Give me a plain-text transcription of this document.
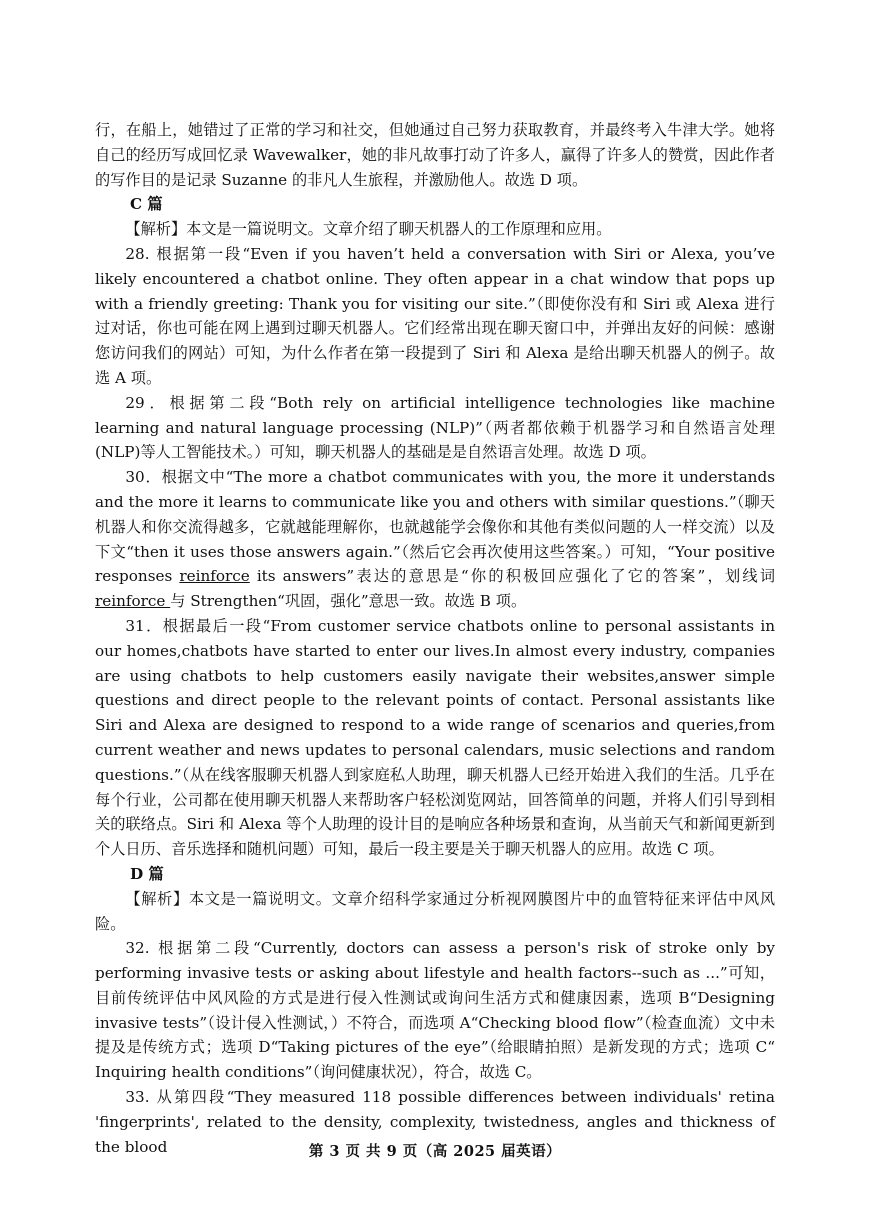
行，在船上，她错过了正常的学习和社交，但她通过自己努力获取教育，并最终考入牛津大学。她将自己的经历写成回忆录 Wavewalker，她的非凡故事打动了许多人，赢得了许多人的赞赏，因此作者的写作目的是记录 Suzanne 的非凡人生旅程，并激励他人。故选 D 项。

C 篇

【解析】本文是一篇说明文。文章介绍了聊天机器人的工作原理和应用。

28. 根据第一段“Even if you haven’t held a conversation with Siri or Alexa, you’ve likely encountered a chatbot online. They often appear in a chat window that pops up with a friendly greeting: Thank you for visiting our site.”（即使你没有和 Siri 或 Alexa 进行过对话，你也可能在网上遇到过聊天机器人。它们经常出现在聊天窗口中，并弹出友好的问候：感谢您访问我们的网站）可知，为什么作者在第一段提到了 Siri 和 Alexa 是给出聊天机器人的例子。故选 A 项。

29．根据第二段“Both rely on artificial intelligence technologies like machine learning and natural language processing (NLP)”（两者都依赖于机器学习和自然语言处理(NLP)等人工智能技术。）可知，聊天机器人的基础是是自然语言处理。故选 D 项。

30．根据文中“The more a chatbot communicates with you, the more it understands and the more it learns to communicate like you and others with similar questions.”（聊天机器人和你交流得越多，它就越能理解你，也就越能学会像你和其他有类似问题的人一样交流）以及下文“then it uses those answers again.”（然后它会再次使用这些答案。）可知，“Your positive responses reinforce its answers”表达的意思是“你的积极回应强化了它的答案”，划线词 reinforce 与 Strengthen“巩固，强化”意思一致。故选 B 项。

31．根据最后一段“From customer service chatbots online to personal assistants in our homes,chatbots have started to enter our lives.In almost every industry, companies are using chatbots to help customers easily navigate their websites,answer simple questions and direct people to the relevant points of contact. Personal assistants like Siri and Alexa are designed to respond to a wide range of scenarios and queries,from current weather and news updates to personal calendars, music selections and random questions.”（从在线客服聊天机器人到家庭私人助理，聊天机器人已经开始进入我们的生活。几乎在每个行业，公司都在使用聊天机器人来帮助客户轻松浏览网站，回答简单的问题，并将人们引导到相关的联络点。Siri 和 Alexa 等个人助理的设计目的是响应各种场景和查询，从当前天气和新闻更新到个人日历、音乐选择和随机问题）可知，最后一段主要是关于聊天机器人的应用。故选 C 项。

D 篇

【解析】本文是一篇说明文。文章介绍科学家通过分析视网膜图片中的血管特征来评估中风风险。

32. 根据第二段“Currently, doctors can assess a person's risk of stroke only by performing invasive tests or asking about lifestyle and health factors--such as ...”可知，目前传统评估中风风险的方式是进行侵入性测试或询问生活方式和健康因素，选项 B“Designing invasive tests”（设计侵入性测试，）不符合，而选项 A“Checking blood flow”（检查血流）文中未提及是传统方式；选项 D“Taking pictures of the eye”（给眼睛拍照）是新发现的方式；选项 C“ Inquiring health conditions”（询问健康状况），符合，故选 C。

33. 从第四段“They measured 118 possible differences between individuals' retina 'fingerprints', related to the density, complexity, twistedness, angles and thickness of the blood	第 3 页 共 9 页（高 2025 届英语）
